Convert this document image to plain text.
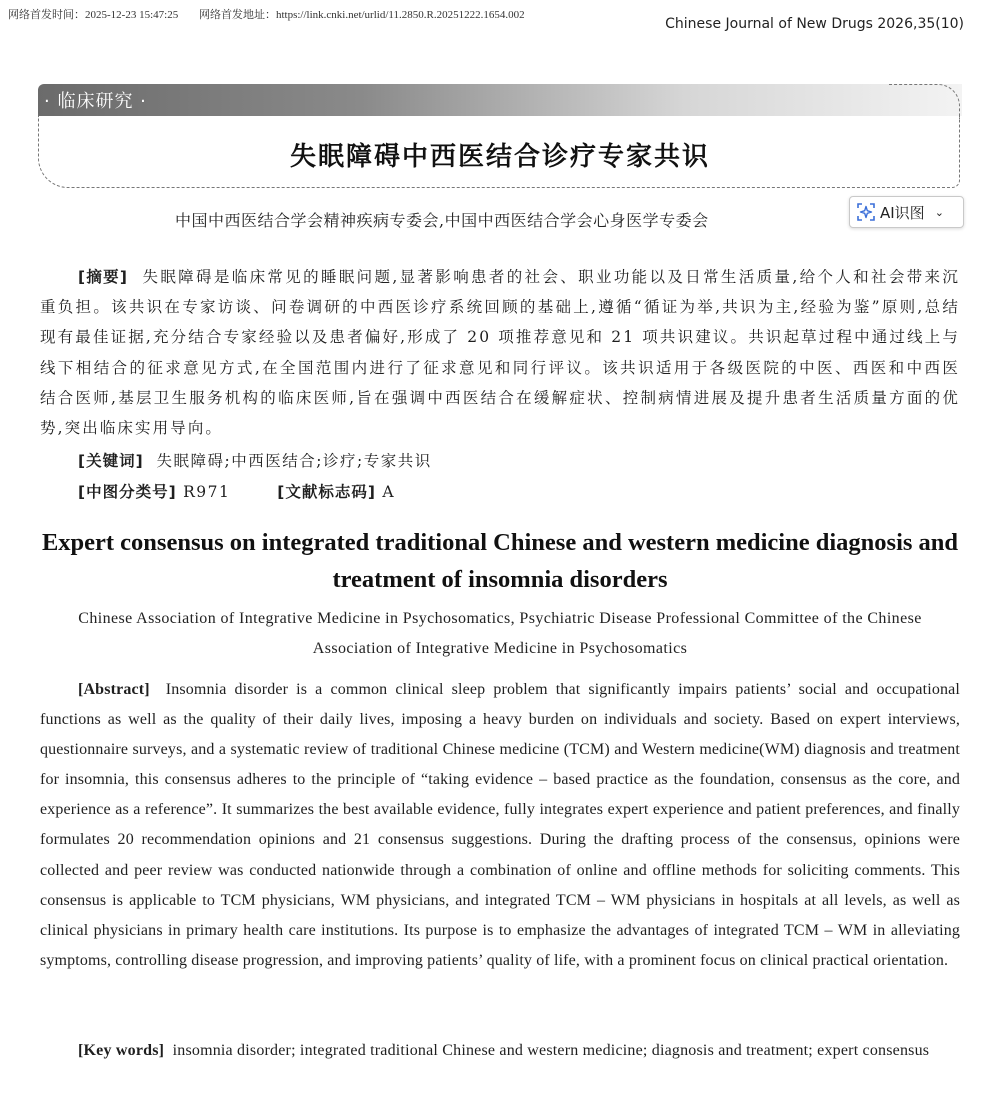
网络首发时间：2025-12-23 15:47:25 网络首发地址：https://link.cnki.net/urlid/11.2850.R.20251222.1654.002
Chinese Journal of New Drugs 2026,35(10)
· 临床研究 ·
失眠障碍中西医结合诊疗专家共识
中国中西医结合学会精神疾病专委会,中国中西医结合学会心身医学专委会	AI识图 ⌄

[摘要] 失眠障碍是临床常见的睡眠问题,显著影响患者的社会、职业功能以及日常生活质量,给个人和社会带来沉重负担。该共识在专家访谈、问卷调研的中西医诊疗系统回顾的基础上,遵循“循证为举,共识为主,经验为鉴”原则,总结现有最佳证据,充分结合专家经验以及患者偏好,形成了 20 项推荐意见和 21 项共识建议。共识起草过程中通过线上与线下相结合的征求意见方式,在全国范围内进行了征求意见和同行评议。该共识适用于各级医院的中医、西医和中西医结合医师,基层卫生服务机构的临床医师,旨在强调中西医结合在缓解症状、控制病情进展及提升患者生活质量方面的优势,突出临床实用导向。

[关键词] 失眠障碍;中西医结合;诊疗;专家共识
[中图分类号] R971	[文献标志码] A
Expert consensus on integrated traditional Chinese and western medicine diagnosis and treatment of insomnia disorders
Chinese Association of Integrative Medicine in Psychosomatics, Psychiatric Disease Professional Committee of the Chinese Association of Integrative Medicine in Psychosomatics

[Abstract] Insomnia disorder is a common clinical sleep problem that significantly impairs patients’ social and occupational functions as well as the quality of their daily lives, imposing a heavy burden on individuals and society. Based on expert interviews, questionnaire surveys, and a systematic review of traditional Chinese medicine (TCM) and Western medicine(WM) diagnosis and treatment for insomnia, this consensus adheres to the principle of “taking evidence – based practice as the foundation, consensus as the core, and experience as a reference”. It summarizes the best available evidence, fully integrates expert experience and patient preferences, and finally formulates 20 recommendation opinions and 21 consensus suggestions. During the drafting process of the consensus, opinions were collected and peer review was conducted nationwide through a combination of online and offline methods for soliciting comments. This consensus is applicable to TCM physicians, WM physicians, and integrated TCM – WM physicians in hospitals at all levels, as well as clinical physicians in primary health care institutions. Its purpose is to emphasize the advantages of integrated TCM – WM in alleviating symptoms, controlling disease progression, and improving patients’ quality of life, with a prominent focus on clinical practical orientation.

[Key words] insomnia disorder; integrated traditional Chinese and western medicine; diagnosis and treatment; expert consensus
